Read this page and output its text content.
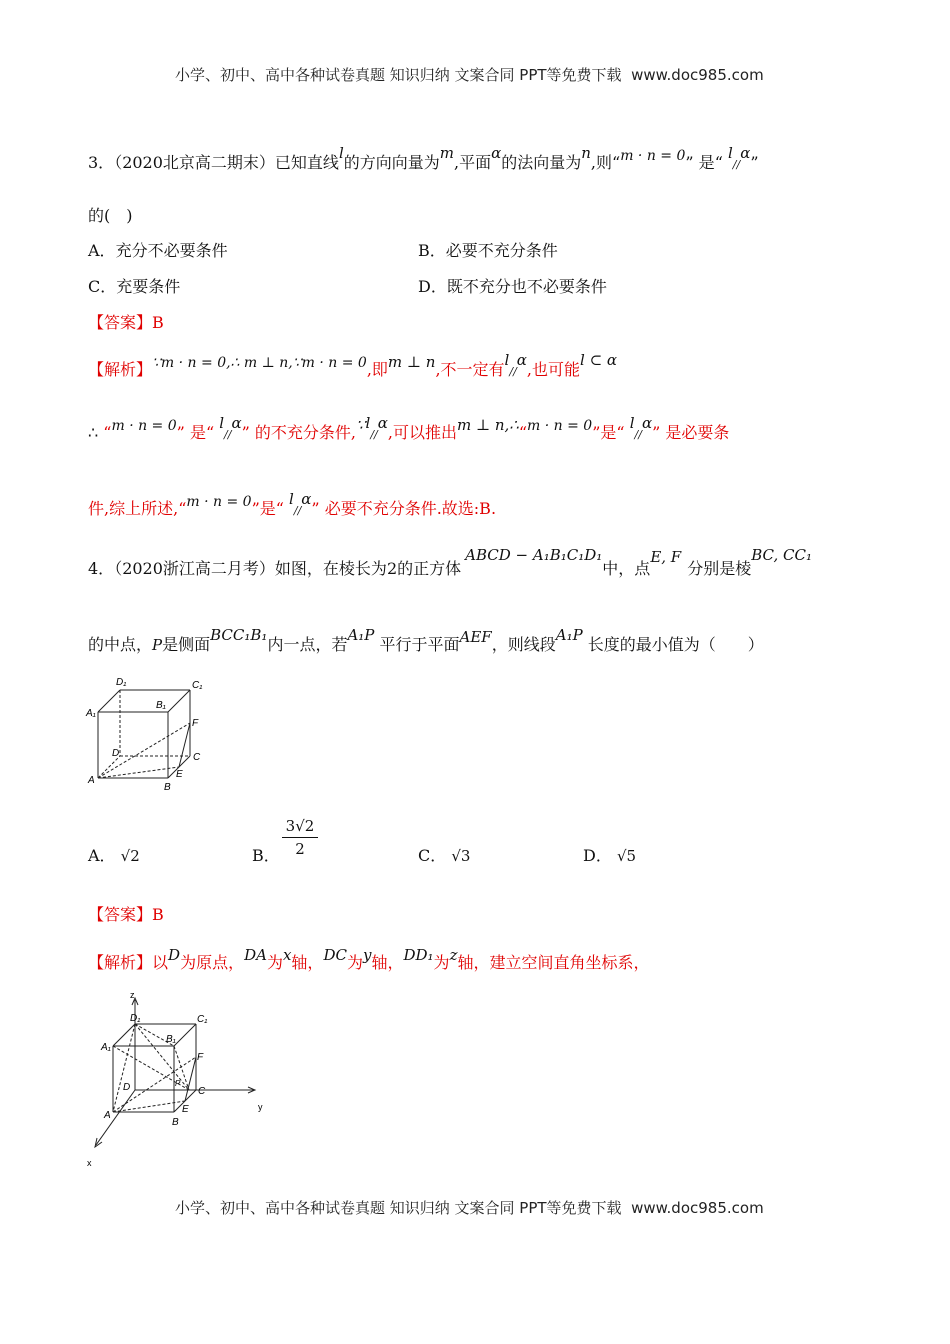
小学、初中、高中各种试卷真题 知识归纳 文案合同 PPT等免费下载 www.doc985.com
3．（2020北京高二期末）已知直线l的方向向量为m,平面α的法向量为n,则“m · n = 0” 是“ l//α”
的(　)
A．充分不必要条件	B．必要不充分条件
C．充要条件	D．既不充分也不必要条件
【答案】B
【解析】∵m · n = 0,∴ m ⊥ n,∵m · n = 0,即m ⊥ n,不一定有l//α,也可能l ⊂ α
∴ “m · n = 0” 是“ l//α” 的不充分条件,∵l//α,可以推出m ⊥ n,∴“m · n = 0”是“ l//α” 是必要条
件,综上所述,“m · n = 0”是“ l//α” 必要不充分条件.故选:B.
4．（2020浙江高二月考）如图，在棱长为2的正方体ABCD − A₁B₁C₁D₁中，点E, F分别是棱BC, CC₁
的中点，P是侧面BCC₁B₁内一点，若A₁P 平行于平面AEF，则线段A₁P 长度的最小值为（　　）
D₁	C₁
A₁
B₁
F
D	C
A
E
B
A． √2	B． $\frac{3√2}{2}$	C． √3	D． √5
【答案】B
【解析】以D为原点，DA为x轴，DC为y轴，DD₁为z轴，建立空间直角坐标系，
z
y
x
D₁	C₁
A₁
B₁
F
D	P
C
A
E
B
小学、初中、高中各种试卷真题 知识归纳 文案合同 PPT等免费下载 www.doc985.com
